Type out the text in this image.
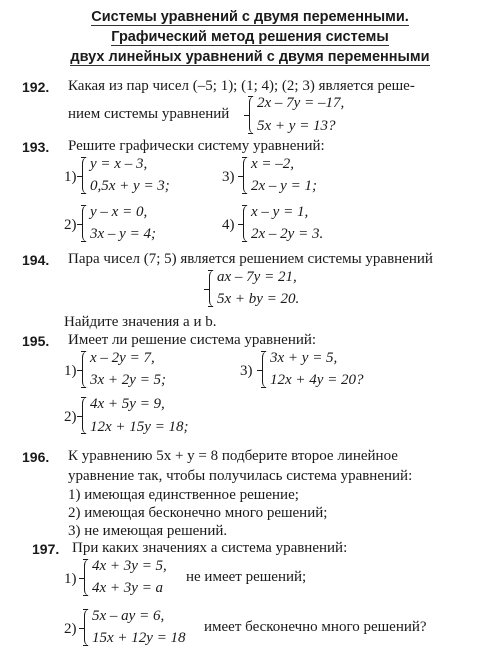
Системы уравнений с двумя переменными.
Графический метод решения системы
двух линейных уравнений с двумя переменными
192. Какая из пар чисел (–5; 1); (1; 4); (2; 3) является реше-
нием системы уравнений
2x – 7y = –17,
5x + y = 13?
193. Решите графически систему уравнений:
1)
y = x – 3,
0,5x + y = 3;
3)
x = –2,
2x – y = 1;
2)
y – x = 0,
3x – y = 4;
4)
x – y = 1,
2x – 2y = 3.
194. Пара чисел (7; 5) является решением системы уравнений
ax – 7y = 21,
5x + by = 20.
Найдите значения a и b.
195. Имеет ли решение система уравнений:
1)
x – 2y = 7,
3x + 2y = 5;
3)
3x + y = 5,
12x + 4y = 20?
2)
4x + 5y = 9,
12x + 15y = 18;
196. К уравнению 5x + y = 8 подберите второе линейное
уравнение так, чтобы получилась система уравнений:
1) имеющая единственное решение;
2) имеющая бесконечно много решений;
3) не имеющая решений.
197. При каких значениях a система уравнений:
1)
4x + 3y = 5,
4x + 3y = a
не имеет решений;
2)
5x – ay = 6,
15x + 12y = 18
имеет бесконечно много решений?
